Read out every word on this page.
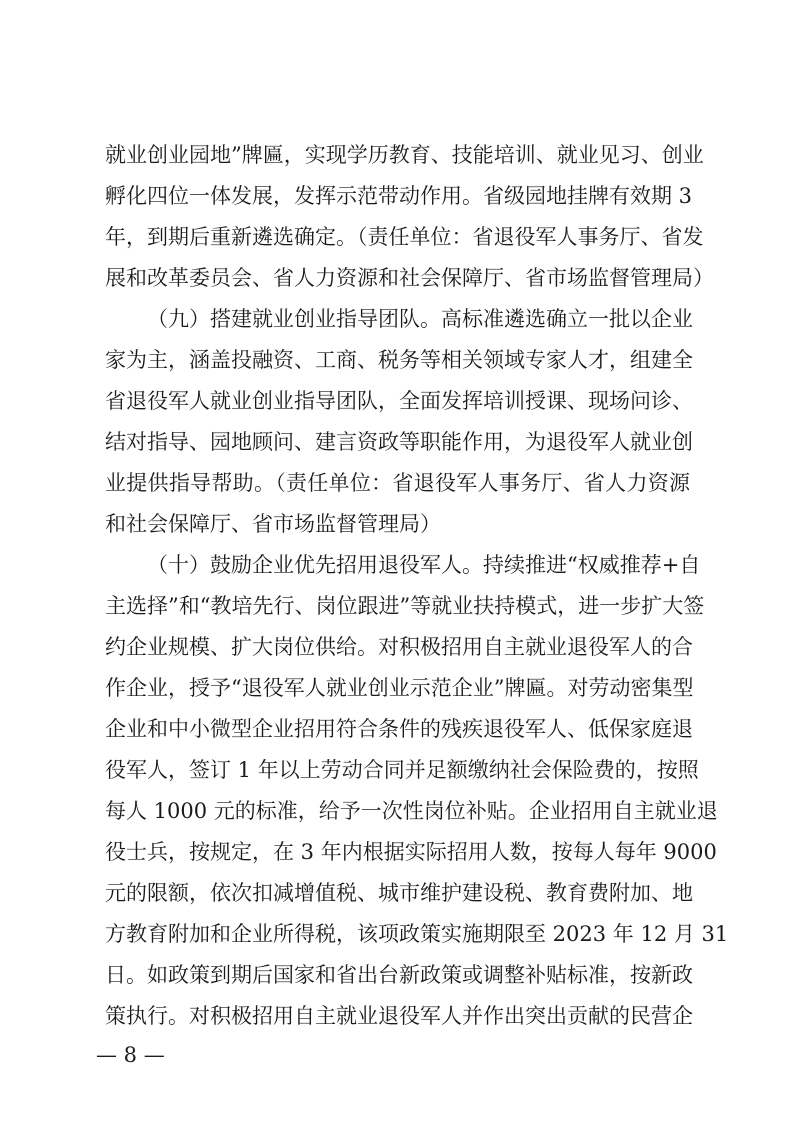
就业创业园地”牌匾，实现学历教育、技能培训、就业见习、创业
孵化四位一体发展，发挥示范带动作用。省级园地挂牌有效期 3
年，到期后重新遴选确定。（责任单位：省退役军人事务厅、省发
展和改革委员会、省人力资源和社会保障厅、省市场监督管理局）
（九）搭建就业创业指导团队。高标准遴选确立一批以企业
家为主，涵盖投融资、工商、税务等相关领域专家人才，组建全
省退役军人就业创业指导团队，全面发挥培训授课、现场问诊、
结对指导、园地顾问、建言资政等职能作用，为退役军人就业创
业提供指导帮助。（责任单位：省退役军人事务厅、省人力资源
和社会保障厅、省市场监督管理局）
（十）鼓励企业优先招用退役军人。持续推进“权威推荐+自
主选择”和“教培先行、岗位跟进”等就业扶持模式，进一步扩大签
约企业规模、扩大岗位供给。对积极招用自主就业退役军人的合
作企业，授予“退役军人就业创业示范企业”牌匾。对劳动密集型
企业和中小微型企业招用符合条件的残疾退役军人、低保家庭退
役军人，签订 1 年以上劳动合同并足额缴纳社会保险费的，按照
每人 1000 元的标准，给予一次性岗位补贴。企业招用自主就业退
役士兵，按规定，在 3 年内根据实际招用人数，按每人每年 9000
元的限额，依次扣减增值税、城市维护建设税、教育费附加、地
方教育附加和企业所得税，该项政策实施期限至 2023 年 12 月 31
日。如政策到期后国家和省出台新政策或调整补贴标准，按新政
策执行。对积极招用自主就业退役军人并作出突出贡献的民营企
— 8 —
